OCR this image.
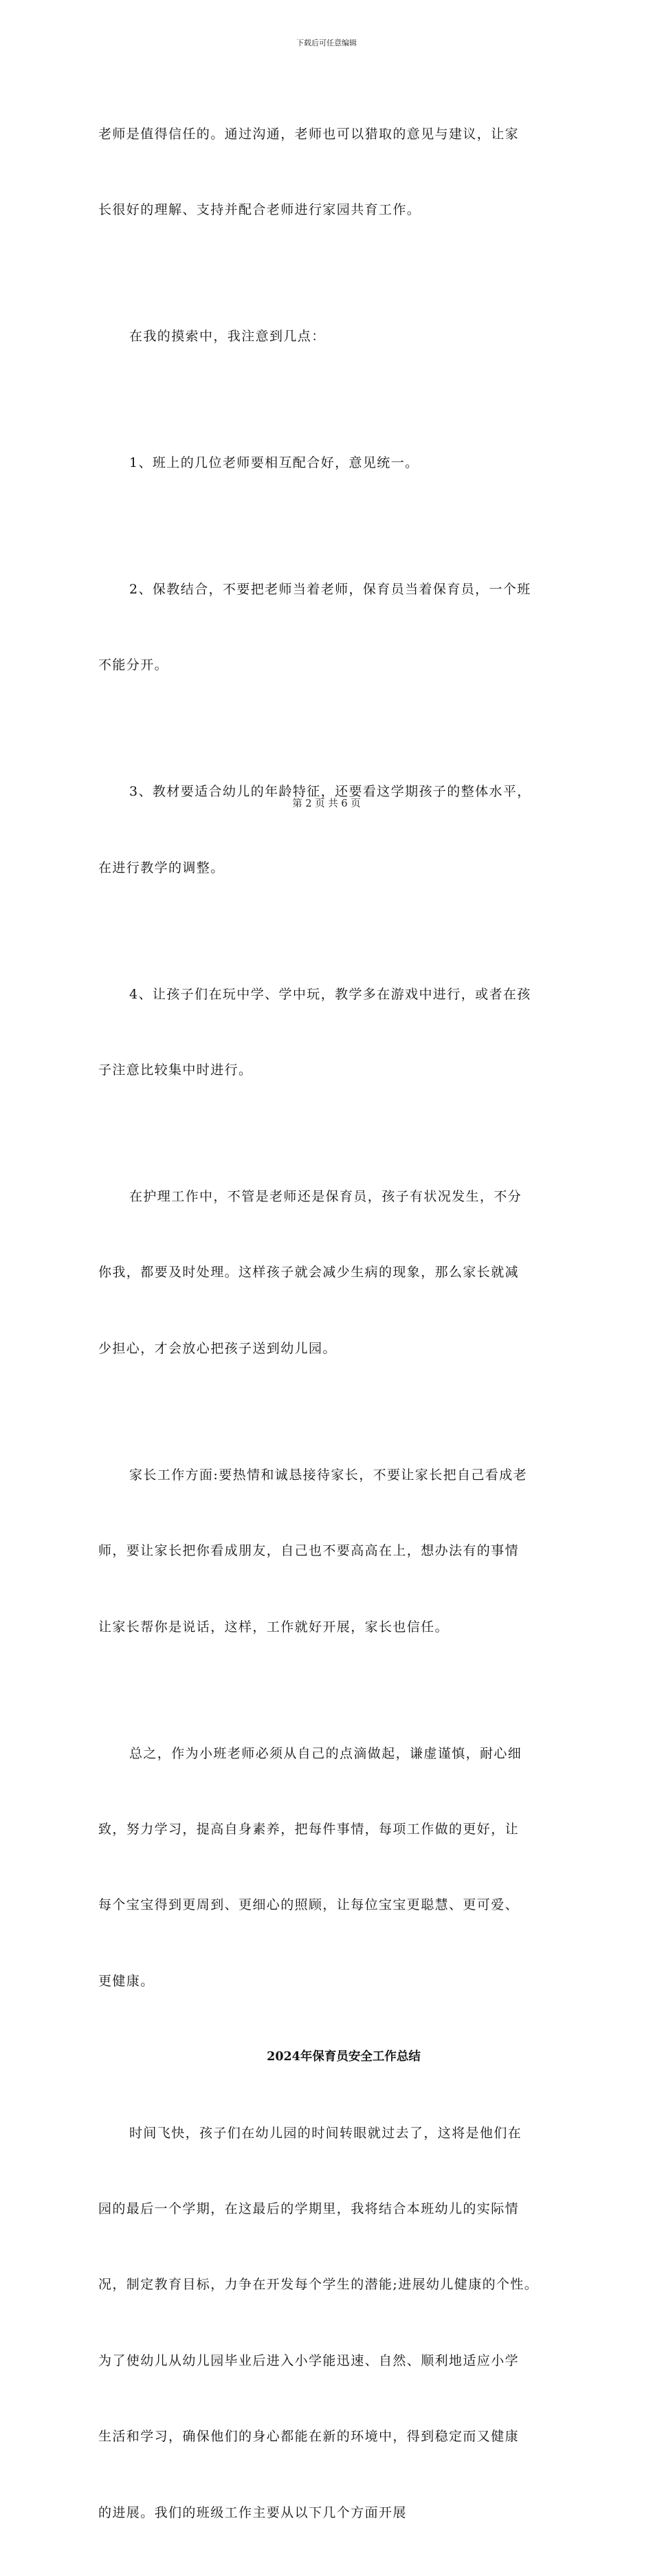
下载后可任意编辑

老师是值得信任的。通过沟通，老师也可以猎取的意见与建议，让家

长很好的理解、支持并配合老师进行家园共育工作。

在我的摸索中，我注意到几点：

1、班上的几位老师要相互配合好，意见统一。

2、保教结合，不要把老师当着老师，保育员当着保育员，一个班

不能分开。

3、教材要适合幼儿的年龄特征，还要看这学期孩子的整体水平，

在进行教学的调整。

4、让孩子们在玩中学、学中玩，教学多在游戏中进行，或者在孩

子注意比较集中时进行。

在护理工作中，不管是老师还是保育员，孩子有状况发生，不分

你我，都要及时处理。这样孩子就会减少生病的现象，那么家长就减

少担心，才会放心把孩子送到幼儿园。

家长工作方面:要热情和诚恳接待家长，不要让家长把自己看成老

师，要让家长把你看成朋友，自己也不要高高在上，想办法有的事情

让家长帮你是说话，这样，工作就好开展，家长也信任。

总之，作为小班老师必须从自己的点滴做起，谦虚谨慎，耐心细

致，努力学习，提高自身素养，把每件事情，每项工作做的更好，让

每个宝宝得到更周到、更细心的照顾，让每位宝宝更聪慧、更可爱、

更健康。

2024年保育员安全工作总结

时间飞快，孩子们在幼儿园的时间转眼就过去了，这将是他们在

园的最后一个学期，在这最后的学期里，我将结合本班幼儿的实际情

况，制定教育目标，力争在开发每个学生的潜能;进展幼儿健康的个性。

为了使幼儿从幼儿园毕业后进入小学能迅速、自然、顺利地适应小学

生活和学习，确保他们的身心都能在新的环境中，得到稳定而又健康

的进展。我们的班级工作主要从以下几个方面开展

第 2 页 共 6 页
